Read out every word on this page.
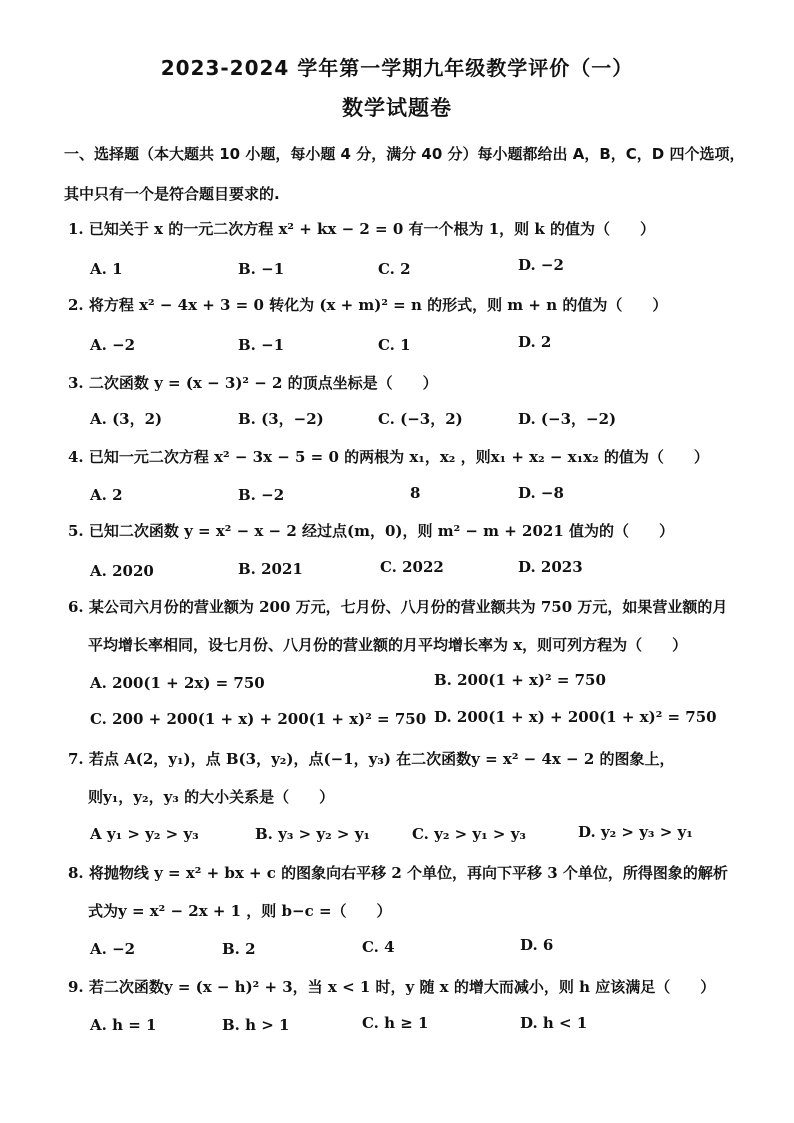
2023-2024 学年第一学期九年级教学评价（一）
数学试题卷
一、选择题（本大题共 10 小题，每小题 4 分，满分 40 分）每小题都给出 A，B，C，D 四个选项，
其中只有一个是符合题目要求的.
1. 已知关于 x 的一元二次方程 x² + kx − 2 = 0 有一个根为 1，则 k 的值为（　　）
A. 1	B. −1	C. 2	D. −2
2. 将方程 x² − 4x + 3 = 0 转化为 (x + m)² = n 的形式，则 m + n 的值为（　　）
A. −2	B. −1	C. 1	D. 2
3. 二次函数 y = (x − 3)² − 2 的顶点坐标是（　　）
A. (3，2)	B. (3，−2)	C. (−3，2)	D. (−3，−2)
4. 已知一元二次方程 x² − 3x − 5 = 0 的两根为 x₁，x₂ ，则x₁ + x₂ − x₁x₂ 的值为（　　）
A. 2	B. −2	8	D. −8
5. 已知二次函数 y = x² − x − 2 经过点(m，0)，则 m² − m + 2021 值为的（　　）
A. 2020	B. 2021	C. 2022	D. 2023
6. 某公司六月份的营业额为 200 万元，七月份、八月份的营业额共为 750 万元，如果营业额的月
平均增长率相同，设七月份、八月份的营业额的月平均增长率为 x，则可列方程为（　　）
A. 200(1 + 2x) = 750	B. 200(1 + x)² = 750
C. 200 + 200(1 + x) + 200(1 + x)² = 750 D. 200(1 + x) + 200(1 + x)² = 750
7. 若点 A(2，y₁)，点 B(3，y₂)，点(−1，y₃) 在二次函数y = x² − 4x − 2 的图象上，
则y₁，y₂，y₃ 的大小关系是（　　）
A y₁ > y₂ > y₃	B. y₃ > y₂ > y₁	C. y₂ > y₁ > y₃	D. y₂ > y₃ > y₁
8. 将抛物线 y = x² + bx + c 的图象向右平移 2 个单位，再向下平移 3 个单位，所得图象的解析
式为y = x² − 2x + 1 ，则 b−c =（　　）
A. −2	B. 2	C. 4	D. 6
9. 若二次函数y = (x − h)² + 3，当 x < 1 时，y 随 x 的增大而减小，则 h 应该满足（　　）
A. h = 1	B. h > 1	C. h ≥ 1	D. h < 1
